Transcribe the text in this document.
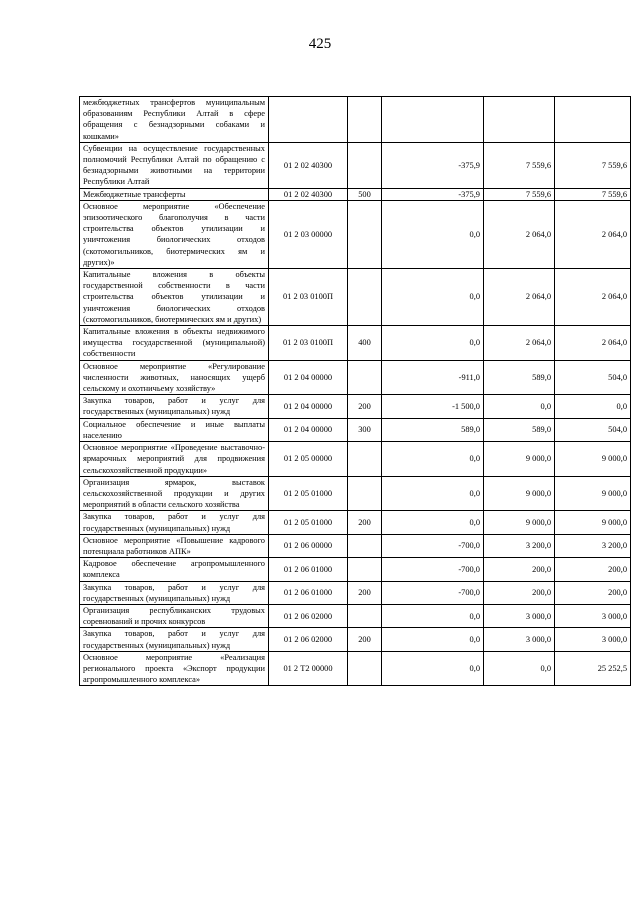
425
межбюджетных трансфертов муниципальным образованиям Республики Алтай в сфере обращения с безнадзорными собаками и кошками»					
Субвенции на осуществление государственных полномочий Республики Алтай по обращению с безнадзорными животными на территории Республики Алтай	01 2 02 40300		-375,9	7 559,6	7 559,6
Межбюджетные трансферты	01 2 02 40300	500	-375,9	7 559,6	7 559,6
Основное мероприятие «Обеспечение эпизоотического благополучия в части строительства объектов утилизации и уничтожения биологических отходов (скотомогильников, биотермических ям и других)»	01 2 03 00000		0,0	2 064,0	2 064,0
Капитальные вложения в объекты государственной собственности в части строительства объектов утилизации и уничтожения биологических отходов (скотомогильников, биотермических ям и других)	01 2 03 0100П		0,0	2 064,0	2 064,0
Капитальные вложения в объекты недвижимого имущества государственной (муниципальной) собственности	01 2 03 0100П	400	0,0	2 064,0	2 064,0
Основное мероприятие «Регулирование численности животных, наносящих ущерб сельскому и охотничьему хозяйству»	01 2 04 00000		-911,0	589,0	504,0
Закупка товаров, работ и услуг для государственных (муниципальных) нужд	01 2 04 00000	200	-1 500,0	0,0	0,0
Социальное обеспечение и иные выплаты населению	01 2 04 00000	300	589,0	589,0	504,0
Основное мероприятие «Проведение выставочно-ярмарочных мероприятий для продвижения сельскохозяйственной продукции»	01 2 05 00000		0,0	9 000,0	9 000,0
Организация ярмарок, выставок сельскохозяйственной продукции и других мероприятий в области сельского хозяйства	01 2 05 01000		0,0	9 000,0	9 000,0
Закупка товаров, работ и услуг для государственных (муниципальных) нужд	01 2 05 01000	200	0,0	9 000,0	9 000,0
Основное мероприятие «Повышение кадрового потенциала работников АПК»	01 2 06 00000		-700,0	3 200,0	3 200,0
Кадровое обеспечение агропромышленного комплекса	01 2 06 01000		-700,0	200,0	200,0
Закупка товаров, работ и услуг для государственных (муниципальных) нужд	01 2 06 01000	200	-700,0	200,0	200,0
Организация республиканских трудовых соревнований и прочих конкурсов	01 2 06 02000		0,0	3 000,0	3 000,0
Закупка товаров, работ и услуг для государственных (муниципальных) нужд	01 2 06 02000	200	0,0	3 000,0	3 000,0
Основное мероприятие «Реализация регионального проекта «Экспорт продукции агропромышленного комплекса»	01 2 Т2 00000		0,0	0,0	25 252,5
